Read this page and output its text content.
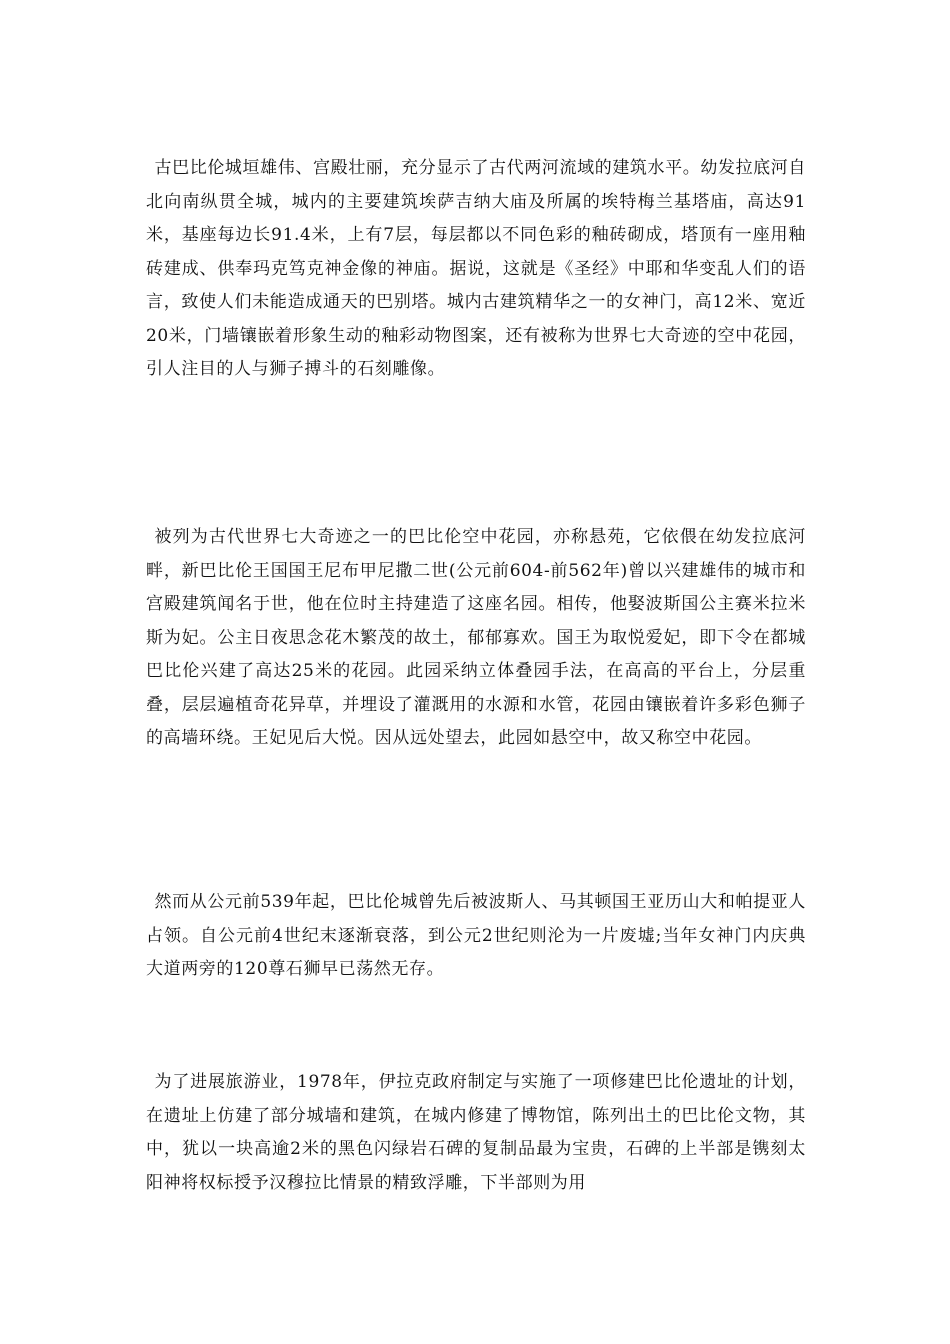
古巴比伦城垣雄伟、宫殿壮丽，充分显示了古代两河流域的建筑水平。幼发拉底河自北向南纵贯全城，城内的主要建筑埃萨吉纳大庙及所属的埃特梅兰基塔庙，高达91米，基座每边长91.4米，上有7层，每层都以不同色彩的釉砖砌成，塔顶有一座用釉砖建成、供奉玛克笃克神金像的神庙。据说，这就是《圣经》中耶和华变乱人们的语言，致使人们未能造成通天的巴别塔。城内古建筑精华之一的女神门，高12米、宽近20米，门墙镶嵌着形象生动的釉彩动物图案，还有被称为世界七大奇迹的空中花园，引人注目的人与狮子搏斗的石刻雕像。

被列为古代世界七大奇迹之一的巴比伦空中花园，亦称悬苑，它依偎在幼发拉底河畔，新巴比伦王国国王尼布甲尼撒二世(公元前604-前562年)曾以兴建雄伟的城市和宫殿建筑闻名于世，他在位时主持建造了这座名园。相传，他娶波斯国公主赛米拉米斯为妃。公主日夜思念花木繁茂的故土，郁郁寡欢。国王为取悦爱妃，即下令在都城巴比伦兴建了高达25米的花园。此园采纳立体叠园手法，在高高的平台上，分层重叠，层层遍植奇花异草，并埋设了灌溉用的水源和水管，花园由镶嵌着许多彩色狮子的高墙环绕。王妃见后大悦。因从远处望去，此园如悬空中，故又称空中花园。

然而从公元前539年起，巴比伦城曾先后被波斯人、马其顿国王亚历山大和帕提亚人占领。自公元前4世纪末逐渐衰落，到公元2世纪则沦为一片废墟;当年女神门内庆典大道两旁的120尊石狮早已荡然无存。

为了进展旅游业，1978年，伊拉克政府制定与实施了一项修建巴比伦遗址的计划，在遗址上仿建了部分城墙和建筑，在城内修建了博物馆，陈列出土的巴比伦文物，其中，犹以一块高逾2米的黑色闪绿岩石碑的复制品最为宝贵，石碑的上半部是镌刻太阳神将权标授予汉穆拉比情景的精致浮雕，下半部则为用
